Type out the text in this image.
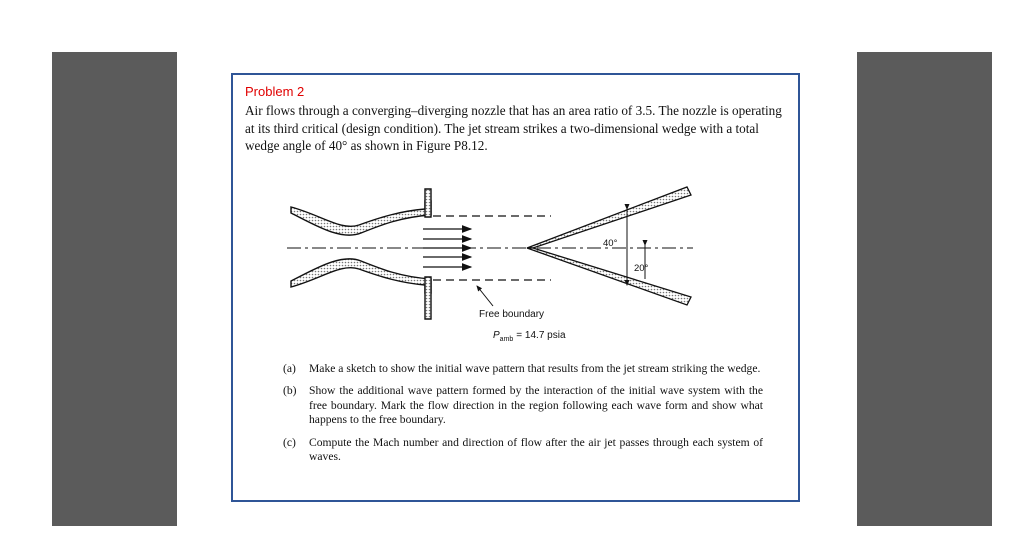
Problem 2

Air flows through a converging–diverging nozzle that has an area ratio of 3.5. The nozzle is operating at its third critical (design condition). The jet stream strikes a two-dimensional wedge with a total wedge angle of 40° as shown in Figure P8.12.

40°
20°
Free boundary
$P_{amb} = 14.7$ psia
(a)	Make a sketch to show the initial wave pattern that results from the jet stream striking the wedge.
(b)	Show the additional wave pattern formed by the interaction of the initial wave system with the free boundary. Mark the flow direction in the region following each wave form and show what happens to the free boundary.
(c)	Compute the Mach number and direction of flow after the air jet passes through each system of waves.
